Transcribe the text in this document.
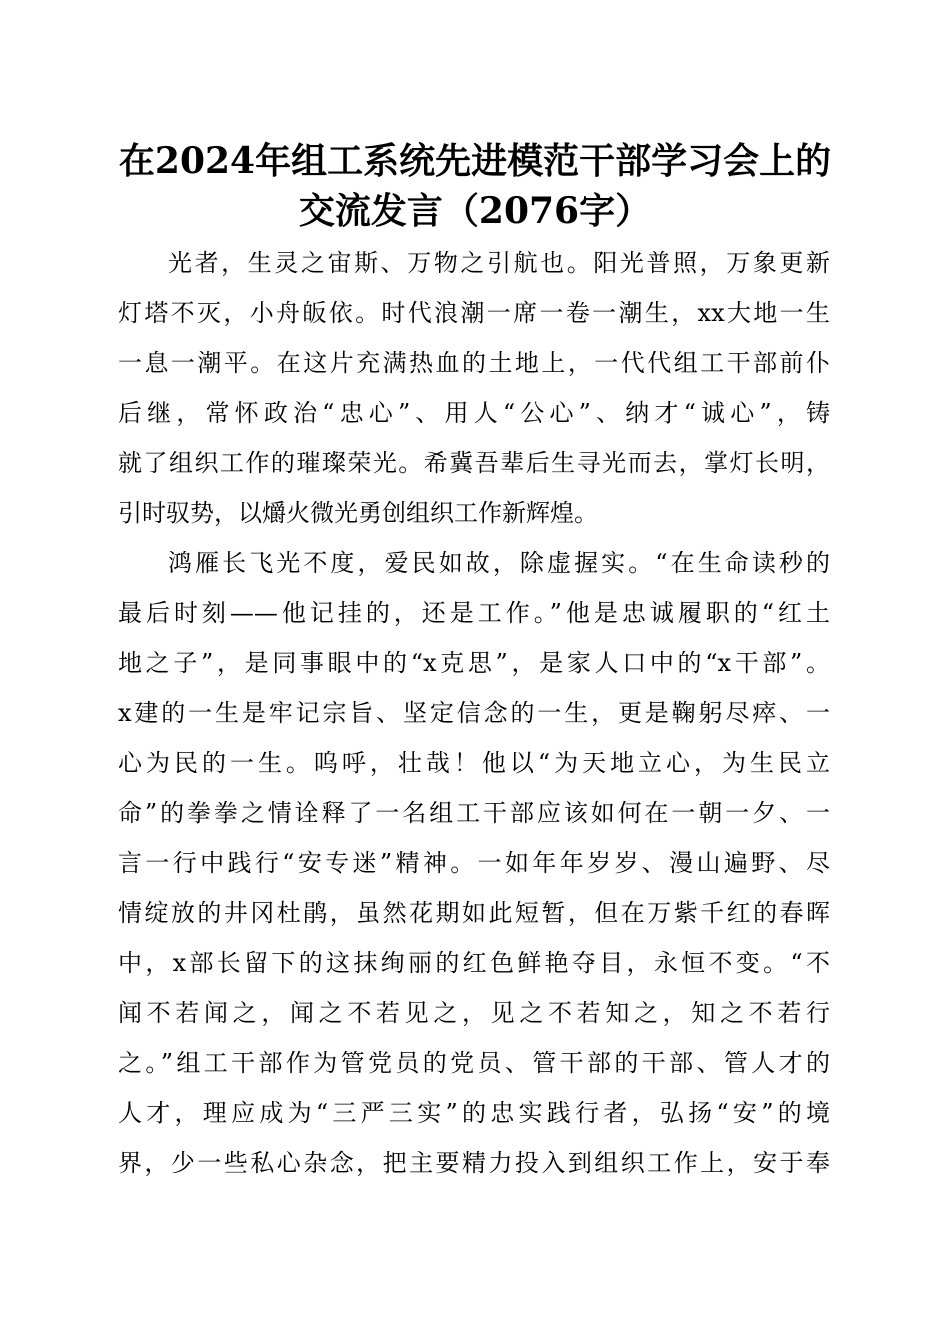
在2024年组工系统先进模范干部学习会上的
交流发言（2076字）
光者，生灵之宙斯、万物之引航也。阳光普照，万象更新
灯塔不灭，小舟皈依。时代浪潮一席一卷一潮生，xx大地一生
一息一潮平。在这片充满热血的土地上，一代代组工干部前仆
后继，常怀政治“忠心”、用人“公心”、纳才“诚心”，铸
就了组织工作的璀璨荣光。希冀吾辈后生寻光而去，掌灯长明，
引时驭势，以爝火微光勇创组织工作新辉煌。
鸿雁长飞光不度，爱民如故，除虚握实。“在生命读秒的
最后时刻——他记挂的，还是工作。”他是忠诚履职的“红土
地之子”，是同事眼中的“x克思”，是家人口中的“x干部”。
x建的一生是牢记宗旨、坚定信念的一生，更是鞠躬尽瘁、一
心为民的一生。呜呼，壮哉！他以“为天地立心，为生民立
命”的拳拳之情诠释了一名组工干部应该如何在一朝一夕、一
言一行中践行“安专迷”精神。一如年年岁岁、漫山遍野、尽
情绽放的井冈杜鹃，虽然花期如此短暂，但在万紫千红的春晖
中，x部长留下的这抹绚丽的红色鲜艳夺目，永恒不变。“不
闻不若闻之，闻之不若见之，见之不若知之，知之不若行
之。”组工干部作为管党员的党员、管干部的干部、管人才的
人才，理应成为“三严三实”的忠实践行者，弘扬“安”的境
界，少一些私心杂念，把主要精力投入到组织工作上，安于奉
